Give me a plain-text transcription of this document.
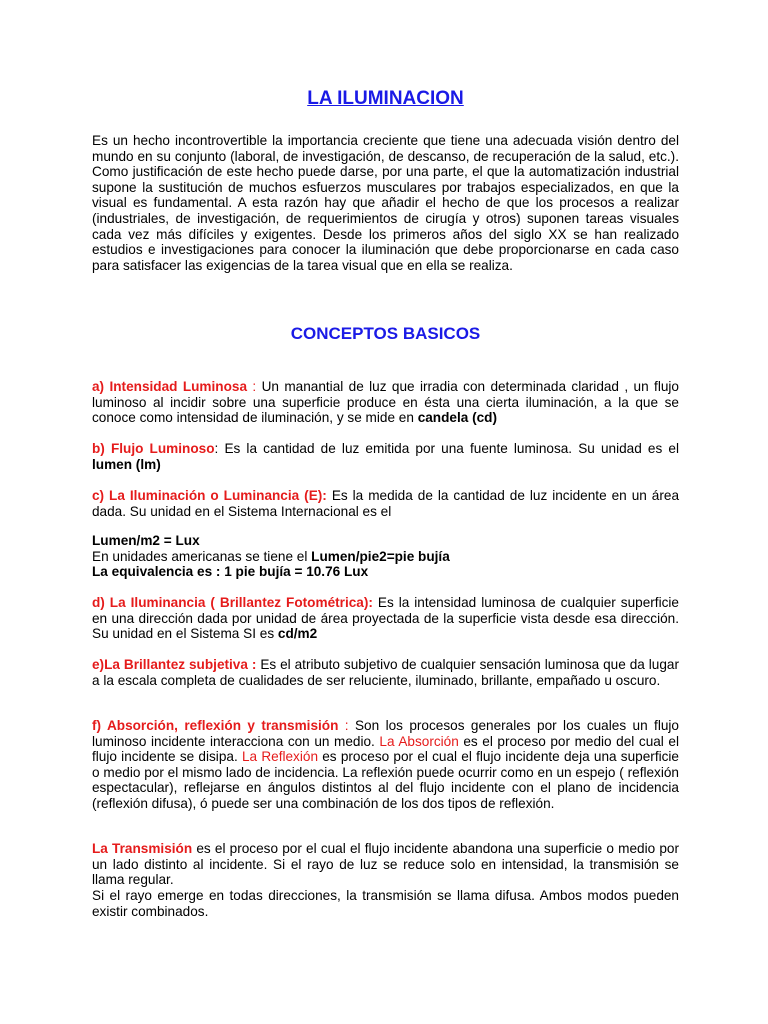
LA ILUMINACION
Es un hecho incontrovertible la importancia creciente que tiene una adecuada visión dentro del mundo en su conjunto (laboral, de investigación, de descanso, de recuperación de la salud, etc.). Como justificación de este hecho puede darse, por una parte, el que la automatización industrial supone la sustitución de muchos esfuerzos musculares por trabajos especializados, en que la visual es fundamental. A esta razón hay que añadir el hecho de que los procesos a realizar (industriales, de investigación, de requerimientos de cirugía y otros) suponen tareas visuales cada vez más difíciles y exigentes. Desde los primeros años del siglo XX se han realizado estudios e investigaciones para conocer la iluminación que debe proporcionarse en cada caso para satisfacer las exigencias de la tarea visual que en ella se realiza.
CONCEPTOS BASICOS
a) Intensidad Luminosa : Un manantial de luz que irradia con determinada claridad , un flujo luminoso al incidir sobre una superficie produce en ésta una cierta iluminación, a la que se conoce como intensidad de iluminación, y se mide en candela (cd)
b) Flujo Luminoso: Es la cantidad de luz emitida por una fuente luminosa. Su unidad es el lumen (lm)
c) La Iluminación o Luminancia (E): Es la medida de la cantidad de luz incidente en un área dada. Su unidad en el Sistema Internacional es el
Lumen/m2 = Lux
En unidades americanas se tiene el Lumen/pie2=pie bujía
La equivalencia es : 1 pie bujía = 10.76 Lux
d) La Iluminancia ( Brillantez Fotométrica): Es la intensidad luminosa de cualquier superficie en una dirección dada por unidad de área proyectada de la superficie vista desde esa dirección. Su unidad en el Sistema SI es cd/m2
e)La Brillantez subjetiva : Es el atributo subjetivo de cualquier sensación luminosa que da lugar a la escala completa de cualidades de ser reluciente, iluminado, brillante, empañado u oscuro.
f) Absorción, reflexión y transmisión : Son los procesos generales por los cuales un flujo luminoso incidente interacciona con un medio. La Absorción es el proceso por medio del cual el flujo incidente se disipa. La Reflexión es proceso por el cual el flujo incidente deja una superficie o medio por el mismo lado de incidencia. La reflexión puede ocurrir como en un espejo ( reflexión espectacular), reflejarse en ángulos distintos al del flujo incidente con el plano de incidencia (reflexión difusa), ó puede ser una combinación de los dos tipos de reflexión.
La Transmisión es el proceso por el cual el flujo incidente abandona una superficie o medio por un lado distinto al incidente. Si el rayo de luz se reduce solo en intensidad, la transmisión se llama regular.
Si el rayo emerge en todas direcciones, la transmisión se llama difusa. Ambos modos pueden existir combinados.
